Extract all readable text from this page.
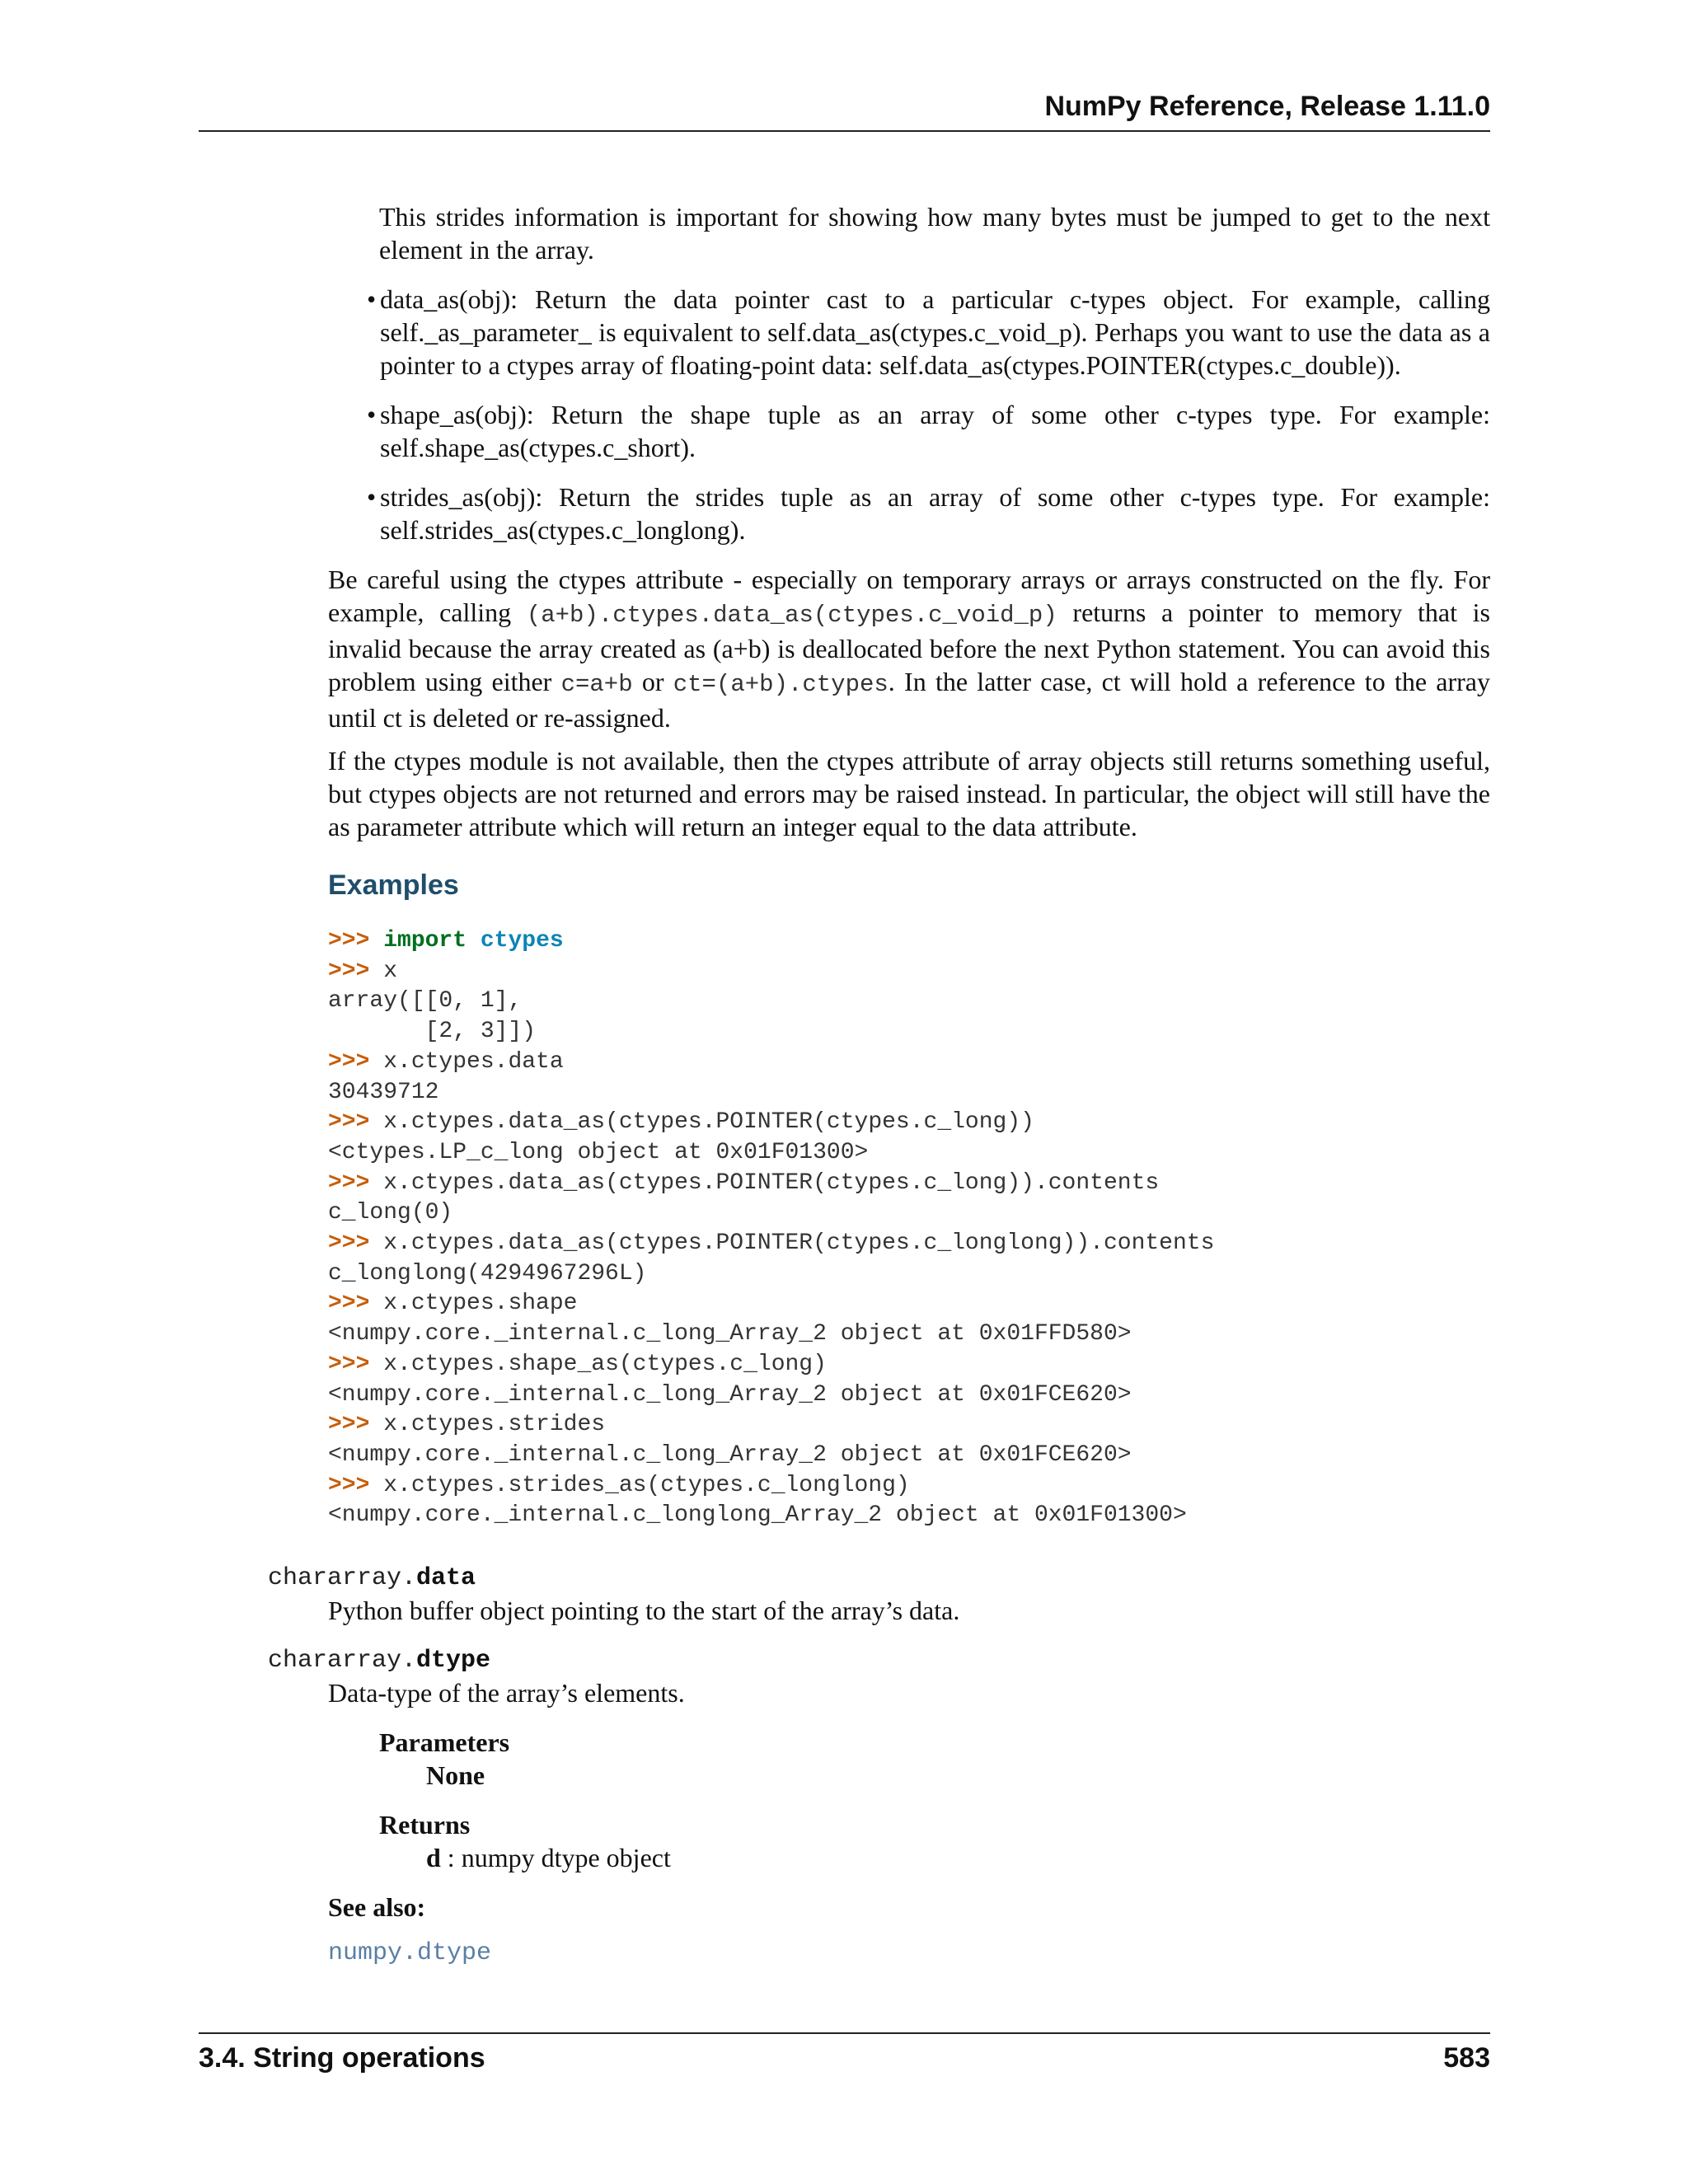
NumPy Reference, Release 1.11.0

This strides information is important for showing how many bytes must be jumped to get to the next element in the array.

• data_as(obj): Return the data pointer cast to a particular c-types object. For example, calling self._as_parameter_ is equivalent to self.data_as(ctypes.c_void_p). Perhaps you want to use the data as a pointer to a ctypes array of floating-point data: self.data_as(ctypes.POINTER(ctypes.c_double)).
• shape_as(obj): Return the shape tuple as an array of some other c-types type. For example: self.shape_as(ctypes.c_short).
• strides_as(obj): Return the strides tuple as an array of some other c-types type. For example: self.strides_as(ctypes.c_longlong).

Be careful using the ctypes attribute - especially on temporary arrays or arrays constructed on the fly. For example, calling (a+b).ctypes.data_as(ctypes.c_void_p) returns a pointer to memory that is invalid because the array created as (a+b) is deallocated before the next Python statement. You can avoid this problem using either c=a+b or ct=(a+b).ctypes. In the latter case, ct will hold a reference to the array until ct is deleted or re-assigned.

If the ctypes module is not available, then the ctypes attribute of array objects still returns something useful, but ctypes objects are not returned and errors may be raised instead. In particular, the object will still have the as parameter attribute which will return an integer equal to the data attribute.

Examples
>>> import ctypes
>>> x
array([[0, 1],
[2, 3]])
>>> x.ctypes.data
30439712
>>> x.ctypes.data_as(ctypes.POINTER(ctypes.c_long))
<ctypes.LP_c_long object at 0x01F01300>
>>> x.ctypes.data_as(ctypes.POINTER(ctypes.c_long)).contents
c_long(0)
>>> x.ctypes.data_as(ctypes.POINTER(ctypes.c_longlong)).contents
c_longlong(4294967296L)
>>> x.ctypes.shape
<numpy.core._internal.c_long_Array_2 object at 0x01FFD580>
>>> x.ctypes.shape_as(ctypes.c_long)
<numpy.core._internal.c_long_Array_2 object at 0x01FCE620>
>>> x.ctypes.strides
<numpy.core._internal.c_long_Array_2 object at 0x01FCE620>
>>> x.ctypes.strides_as(ctypes.c_longlong)
<numpy.core._internal.c_longlong_Array_2 object at 0x01F01300>
chararray.data
Python buffer object pointing to the start of the array’s data.
chararray.dtype
Data-type of the array’s elements.
Parameters
None
Returns
d : numpy dtype object
See also:
numpy.dtype
3.4. String operations	583
